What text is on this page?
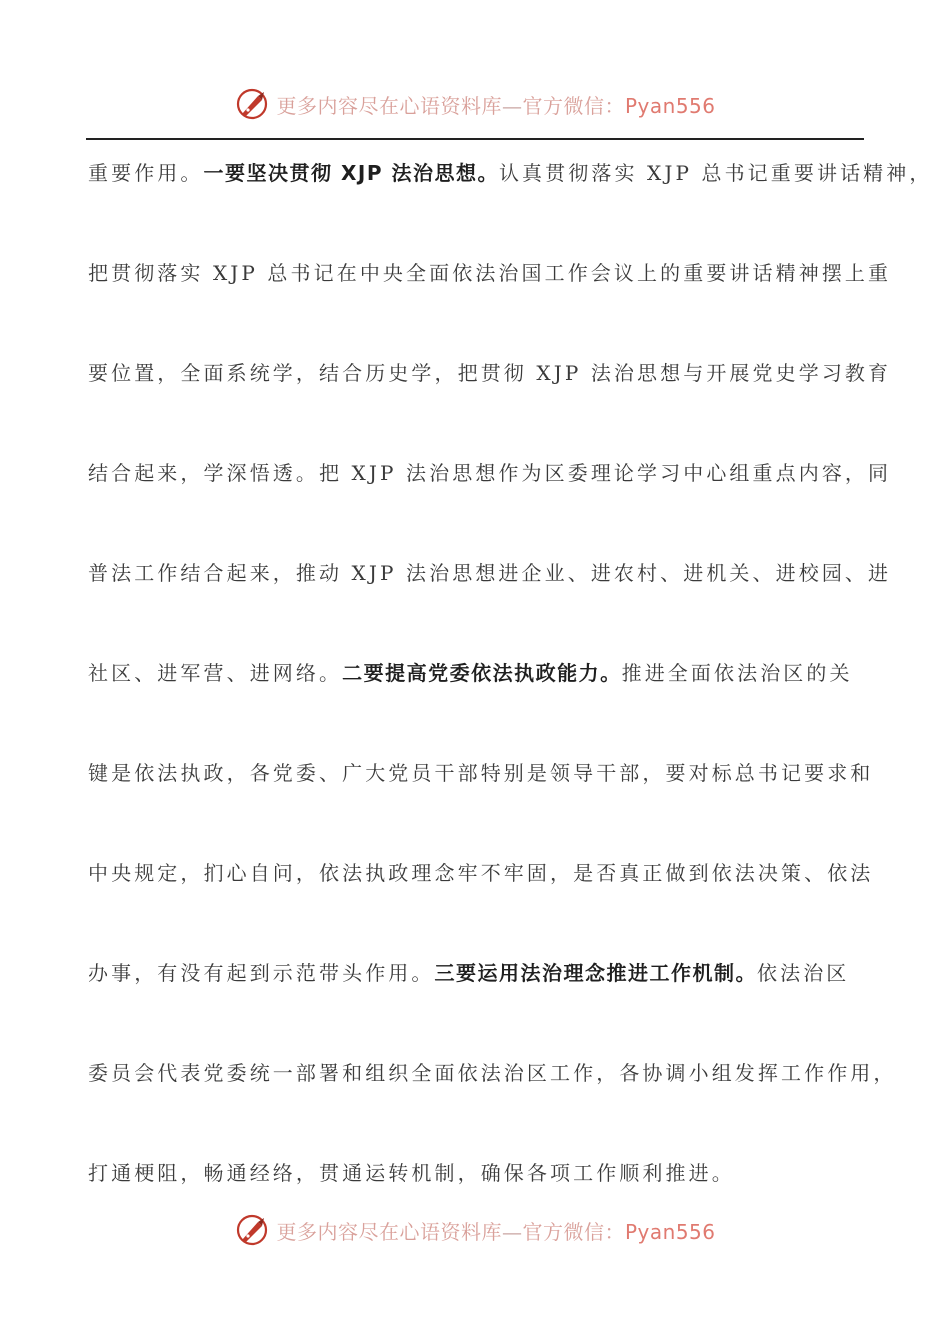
更多内容尽在心语资料库—官方微信：Pyan556
重要作用。一要坚决贯彻 XJP 法治思想。认真贯彻落实 XJP 总书记重要讲话精神，
把贯彻落实 XJP 总书记在中央全面依法治国工作会议上的重要讲话精神摆上重
要位置，全面系统学，结合历史学，把贯彻 XJP 法治思想与开展党史学习教育
结合起来，学深悟透。把 XJP 法治思想作为区委理论学习中心组重点内容，同
普法工作结合起来，推动 XJP 法治思想进企业、进农村、进机关、进校园、进
社区、进军营、进网络。二要提高党委依法执政能力。推进全面依法治区的关
键是依法执政，各党委、广大党员干部特别是领导干部，要对标总书记要求和
中央规定，扪心自问，依法执政理念牢不牢固，是否真正做到依法决策、依法
办事，有没有起到示范带头作用。三要运用法治理念推进工作机制。依法治区
委员会代表党委统一部署和组织全面依法治区工作，各协调小组发挥工作作用，
打通梗阻，畅通经络，贯通运转机制，确保各项工作顺利推进。
更多内容尽在心语资料库—官方微信：Pyan556
